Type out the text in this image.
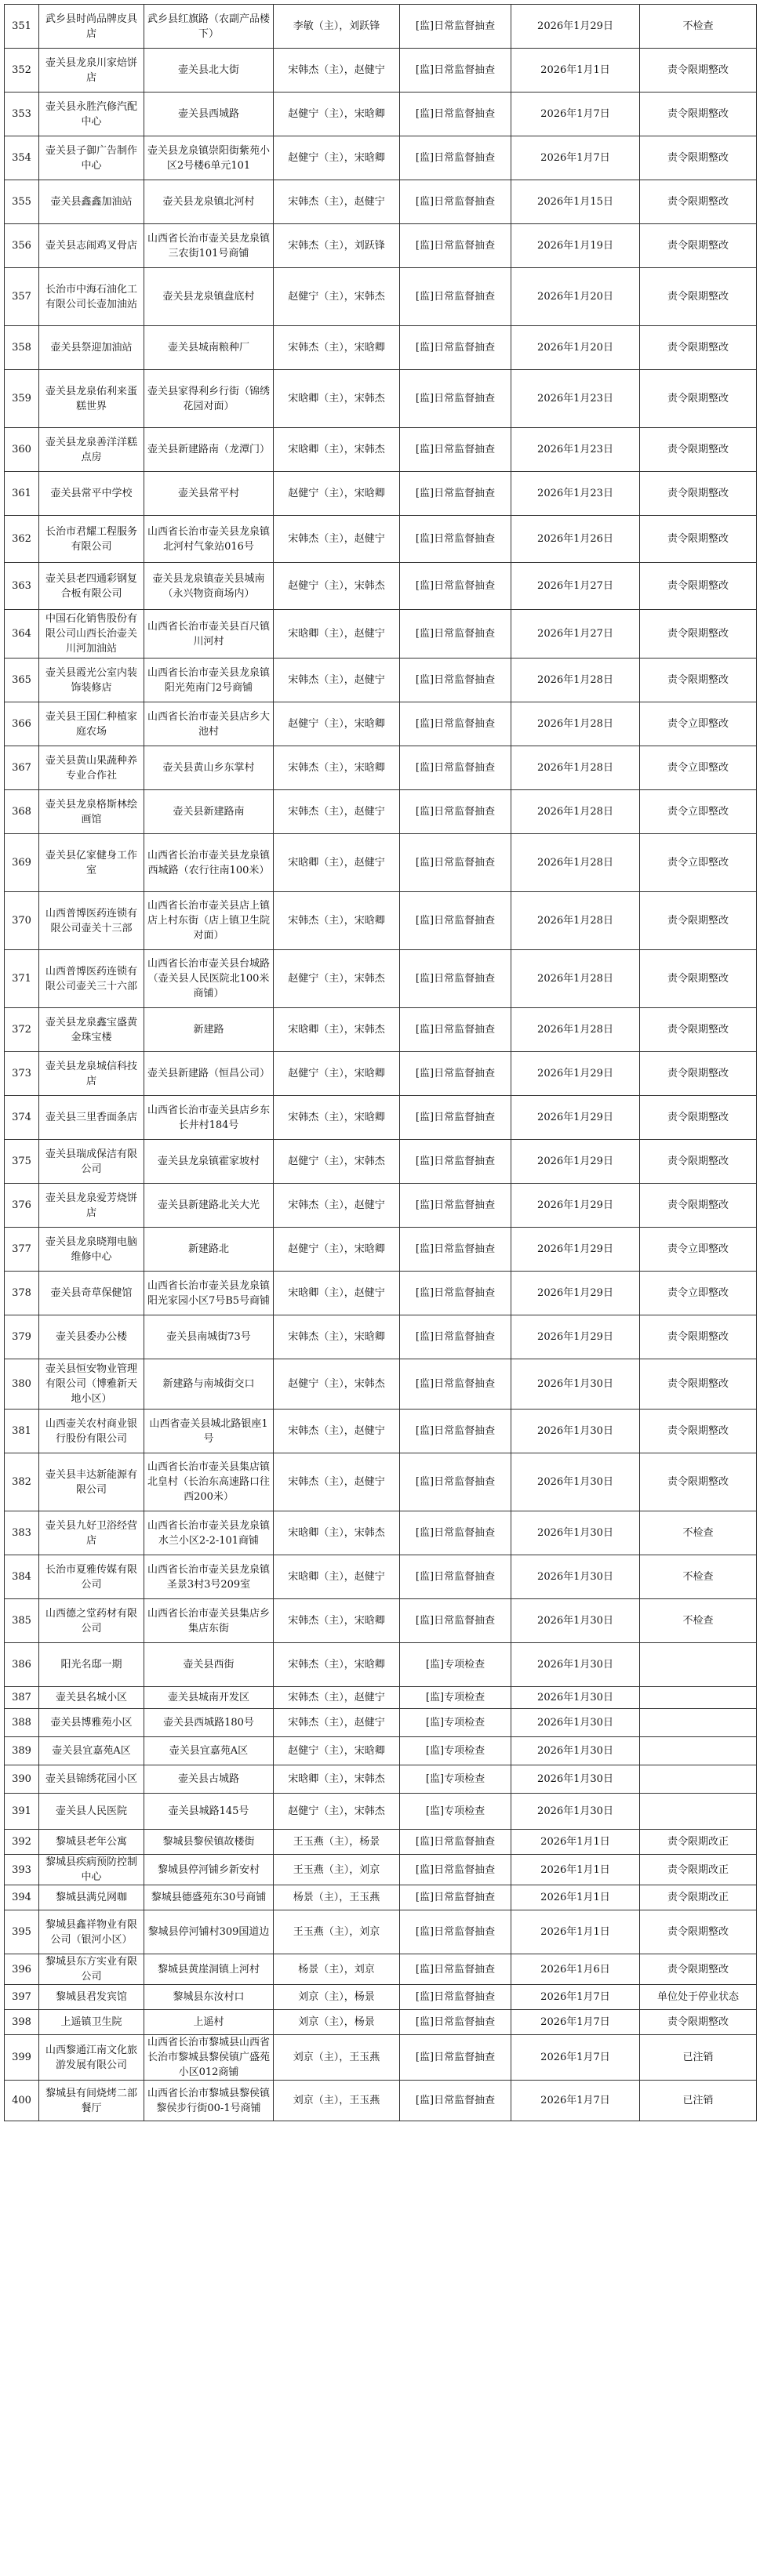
351	武乡县时尚品牌皮具店	武乡县红旗路（农副产品楼下）	李敏（主），刘跃锋	[监]日常监督抽查	2026年1月29日	不检查
352	壶关县龙泉川家焙饼店	壶关县北大街	宋韩杰（主），赵健宁	[监]日常监督抽查	2026年1月1日	责令限期整改
353	壶关县永胜汽修汽配中心	壶关县西城路	赵健宁（主），宋晗卿	[监]日常监督抽查	2026年1月7日	责令限期整改
354	壶关县子御广告制作中心	壶关县龙泉镇崇阳街紫苑小区2号楼6单元101	赵健宁（主），宋晗卿	[监]日常监督抽查	2026年1月7日	责令限期整改
355	壶关县鑫鑫加油站	壶关县龙泉镇北河村	宋韩杰（主），赵健宁	[监]日常监督抽查	2026年1月15日	责令限期整改
356	壶关县志闹鸡叉骨店	山西省长治市壶关县龙泉镇三农街101号商铺	宋韩杰（主），刘跃锋	[监]日常监督抽查	2026年1月19日	责令限期整改
357	长治市中海石油化工有限公司长壶加油站	壶关县龙泉镇盘底村	赵健宁（主），宋韩杰	[监]日常监督抽查	2026年1月20日	责令限期整改
358	壶关县祭迎加油站	壶关县城南粮种厂	宋韩杰（主），宋晗卿	[监]日常监督抽查	2026年1月20日	责令限期整改
359	壶关县龙泉佑利来蛋糕世界	壶关县家得利乡行街（锦绣花园对面）	宋晗卿（主），宋韩杰	[监]日常监督抽查	2026年1月23日	责令限期整改
360	壶关县龙泉善洋洋糕点房	壶关县新建路南（龙潭门）	宋晗卿（主），宋韩杰	[监]日常监督抽查	2026年1月23日	责令限期整改
361	壶关县常平中学校	壶关县常平村	赵健宁（主），宋晗卿	[监]日常监督抽查	2026年1月23日	责令限期整改
362	长治市君耀工程服务有限公司	山西省长治市壶关县龙泉镇北河村气象站016号	宋韩杰（主），赵健宁	[监]日常监督抽查	2026年1月26日	责令限期整改
363	壶关县老四通彩钢复合板有限公司	壶关县龙泉镇壶关县城南（永兴物资商场内）	赵健宁（主），宋韩杰	[监]日常监督抽查	2026年1月27日	责令限期整改
364	中国石化销售股份有限公司山西长治壶关川河加油站	山西省长治市壶关县百尺镇川河村	宋晗卿（主），赵健宁	[监]日常监督抽查	2026年1月27日	责令限期整改
365	壶关县霞光公室内装饰装修店	山西省长治市壶关县龙泉镇阳光苑南门2号商铺	宋韩杰（主），赵健宁	[监]日常监督抽查	2026年1月28日	责令限期整改
366	壶关县王国仁种植家庭农场	山西省长治市壶关县店乡大池村	赵健宁（主），宋晗卿	[监]日常监督抽查	2026年1月28日	责令立即整改
367	壶关县黄山果蔬种养专业合作社	壶关县黄山乡东掌村	宋韩杰（主），宋晗卿	[监]日常监督抽查	2026年1月28日	责令立即整改
368	壶关县龙泉格斯林绘画馆	壶关县新建路南	宋韩杰（主），赵健宁	[监]日常监督抽查	2026年1月28日	责令立即整改
369	壶关县亿家健身工作室	山西省长治市壶关县龙泉镇西城路（农行往南100米）	宋晗卿（主），赵健宁	[监]日常监督抽查	2026年1月28日	责令立即整改
370	山西普博医药连锁有限公司壶关十三部	山西省长治市壶关县店上镇店上村东街（店上镇卫生院对面）	宋韩杰（主），宋晗卿	[监]日常监督抽查	2026年1月28日	责令限期整改
371	山西普博医药连锁有限公司壶关三十六部	山西省长治市壶关县台城路（壶关县人民医院北100米商铺）	赵健宁（主），宋韩杰	[监]日常监督抽查	2026年1月28日	责令限期整改
372	壶关县龙泉鑫宝盛黄金珠宝楼	新建路	宋晗卿（主），宋韩杰	[监]日常监督抽查	2026年1月28日	责令限期整改
373	壶关县龙泉城信科技店	壶关县新建路（恒昌公司）	赵健宁（主），宋晗卿	[监]日常监督抽查	2026年1月29日	责令限期整改
374	壶关县三里香面条店	山西省长治市壶关县店乡东长井村184号	宋韩杰（主），宋晗卿	[监]日常监督抽查	2026年1月29日	责令限期整改
375	壶关县瑞成保洁有限公司	壶关县龙泉镇霍家坡村	赵健宁（主），宋韩杰	[监]日常监督抽查	2026年1月29日	责令限期整改
376	壶关县龙泉爱芳烧饼店	壶关县新建路北关大光	宋韩杰（主），赵健宁	[监]日常监督抽查	2026年1月29日	责令限期整改
377	壶关县龙泉晓翔电脑维修中心	新建路北	赵健宁（主），宋晗卿	[监]日常监督抽查	2026年1月29日	责令立即整改
378	壶关县奇草保健馆	山西省长治市壶关县龙泉镇阳光家园小区7号B5号商铺	宋晗卿（主），赵健宁	[监]日常监督抽查	2026年1月29日	责令立即整改
379	壶关县委办公楼	壶关县南城街73号	宋韩杰（主），宋晗卿	[监]日常监督抽查	2026年1月29日	责令限期整改
380	壶关县恒安物业管理有限公司（博雅新天地小区）	新建路与南城街交口	赵健宁（主），宋韩杰	[监]日常监督抽查	2026年1月30日	责令限期整改
381	山西壶关农村商业银行股份有限公司	山西省壶关县城北路银座1号	宋韩杰（主），赵健宁	[监]日常监督抽查	2026年1月30日	责令限期整改
382	壶关县丰达新能源有限公司	山西省长治市壶关县集店镇北皇村（长治东高速路口往西200米）	宋韩杰（主），赵健宁	[监]日常监督抽查	2026年1月30日	责令限期整改
383	壶关县九好卫浴经营店	山西省长治市壶关县龙泉镇水兰小区2-2-101商铺	宋晗卿（主），宋韩杰	[监]日常监督抽查	2026年1月30日	不检查
384	长治市夏雅传媒有限公司	山西省长治市壶关县龙泉镇圣景3村3号209室	宋晗卿（主），赵健宁	[监]日常监督抽查	2026年1月30日	不检查
385	山西德之堂药材有限公司	山西省长治市壶关县集店乡集店东街	宋韩杰（主），宋晗卿	[监]日常监督抽查	2026年1月30日	不检查
386	阳光名邸一期	壶关县西街	宋韩杰（主），宋晗卿	[监]专项检查	2026年1月30日	
387	壶关县名城小区	壶关县城南开发区	宋韩杰（主），赵健宁	[监]专项检查	2026年1月30日	
388	壶关县博雅苑小区	壶关县西城路180号	宋韩杰（主），赵健宁	[监]专项检查	2026年1月30日	
389	壶关县宜嘉苑A区	壶关县宜嘉苑A区	赵健宁（主），宋晗卿	[监]专项检查	2026年1月30日	
390	壶关县锦绣花园小区	壶关县古城路	宋晗卿（主），宋韩杰	[监]专项检查	2026年1月30日	
391	壶关县人民医院	壶关县城路145号	赵健宁（主），宋韩杰	[监]专项检查	2026年1月30日	
392	黎城县老年公寓	黎城县黎侯镇故楼街	王玉燕（主），杨景	[监]日常监督抽查	2026年1月1日	责令限期改正
393	黎城县疾病预防控制中心	黎城县停河铺乡新安村	王玉燕（主），刘京	[监]日常监督抽查	2026年1月1日	责令限期改正
394	黎城县满兑网咖	黎城县德盛苑东30号商铺	杨景（主），王玉燕	[监]日常监督抽查	2026年1月1日	责令限期改正
395	黎城县鑫祥物业有限公司（银河小区）	黎城县停河铺村309国道边	王玉燕（主），刘京	[监]日常监督抽查	2026年1月1日	责令限期整改
396	黎城县东方实业有限公司	黎城县黄崖洞镇上河村	杨景（主），刘京	[监]日常监督抽查	2026年1月6日	责令限期整改
397	黎城县君发宾馆	黎城县东汝村口	刘京（主），杨景	[监]日常监督抽查	2026年1月7日	单位处于停业状态
398	上遥镇卫生院	上遥村	刘京（主），杨景	[监]日常监督抽查	2026年1月7日	责令限期整改
399	山西黎通江南文化旅游发展有限公司	山西省长治市黎城县山西省长治市黎城县黎侯镇广盛苑小区012商铺	刘京（主），王玉燕	[监]日常监督抽查	2026年1月7日	已注销
400	黎城县有间烧烤二部餐厅	山西省长治市黎城县黎侯镇黎侯步行街00-1号商铺	刘京（主），王玉燕	[监]日常监督抽查	2026年1月7日	已注销
